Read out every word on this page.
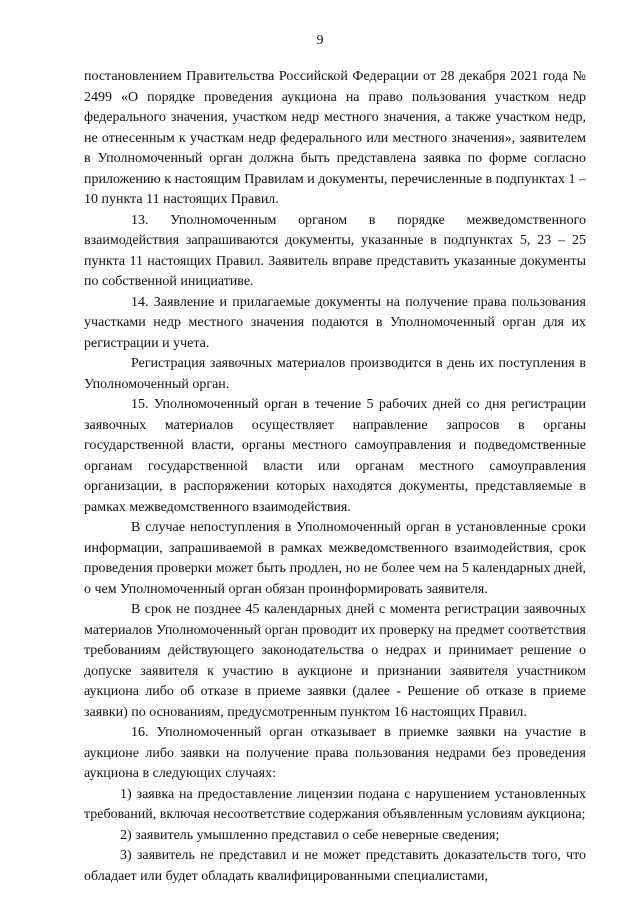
9

постановлением Правительства Российской Федерации от 28 декабря 2021 года № 2499 «О порядке проведения аукциона на право пользования участком недр федерального значения, участком недр местного значения, а также участком недр, не отнесенным к участкам недр федерального или местного значения», заявителем в Уполномоченный орган должна быть представлена заявка по форме согласно приложению к настоящим Правилам и документы, перечисленные в подпунктах 1 – 10 пункта 11 настоящих Правил.

13. Уполномоченным органом в порядке межведомственного взаимодействия запрашиваются документы, указанные в подпунктах 5, 23 – 25 пункта 11 настоящих Правил. Заявитель вправе представить указанные документы по собственной инициативе.

14. Заявление и прилагаемые документы на получение права пользования участками недр местного значения подаются в Уполномоченный орган для их регистрации и учета.

Регистрация заявочных материалов производится в день их поступления в Уполномоченный орган.

15. Уполномоченный орган в течение 5 рабочих дней со дня регистрации заявочных материалов осуществляет направление запросов в органы государственной власти, органы местного самоуправления и подведомственные органам государственной власти или органам местного самоуправления организации, в распоряжении которых находятся документы, представляемые в рамках межведомственного взаимодействия.

В случае непоступления в Уполномоченный орган в установленные сроки информации, запрашиваемой в рамках межведомственного взаимодействия, срок проведения проверки может быть продлен, но не более чем на 5 календарных дней, о чем Уполномоченный орган обязан проинформировать заявителя.

В срок не позднее 45 календарных дней с момента регистрации заявочных материалов Уполномоченный орган проводит их проверку на предмет соответствия требованиям действующего законодательства о недрах и принимает решение о допуске заявителя к участию в аукционе и признании заявителя участником аукциона либо об отказе в приеме заявки (далее - Решение об отказе в приеме заявки) по основаниям, предусмотренным пунктом 16 настоящих Правил.

16. Уполномоченный орган отказывает в приемке заявки на участие в аукционе либо заявки на получение права пользования недрами без проведения аукциона в следующих случаях:

1) заявка на предоставление лицензии подана с нарушением установленных требований, включая несоответствие содержания объявленным условиям аукциона;

2) заявитель умышленно представил о себе неверные сведения;

3) заявитель не представил и не может представить доказательств того, что обладает или будет обладать квалифицированными специалистами,
